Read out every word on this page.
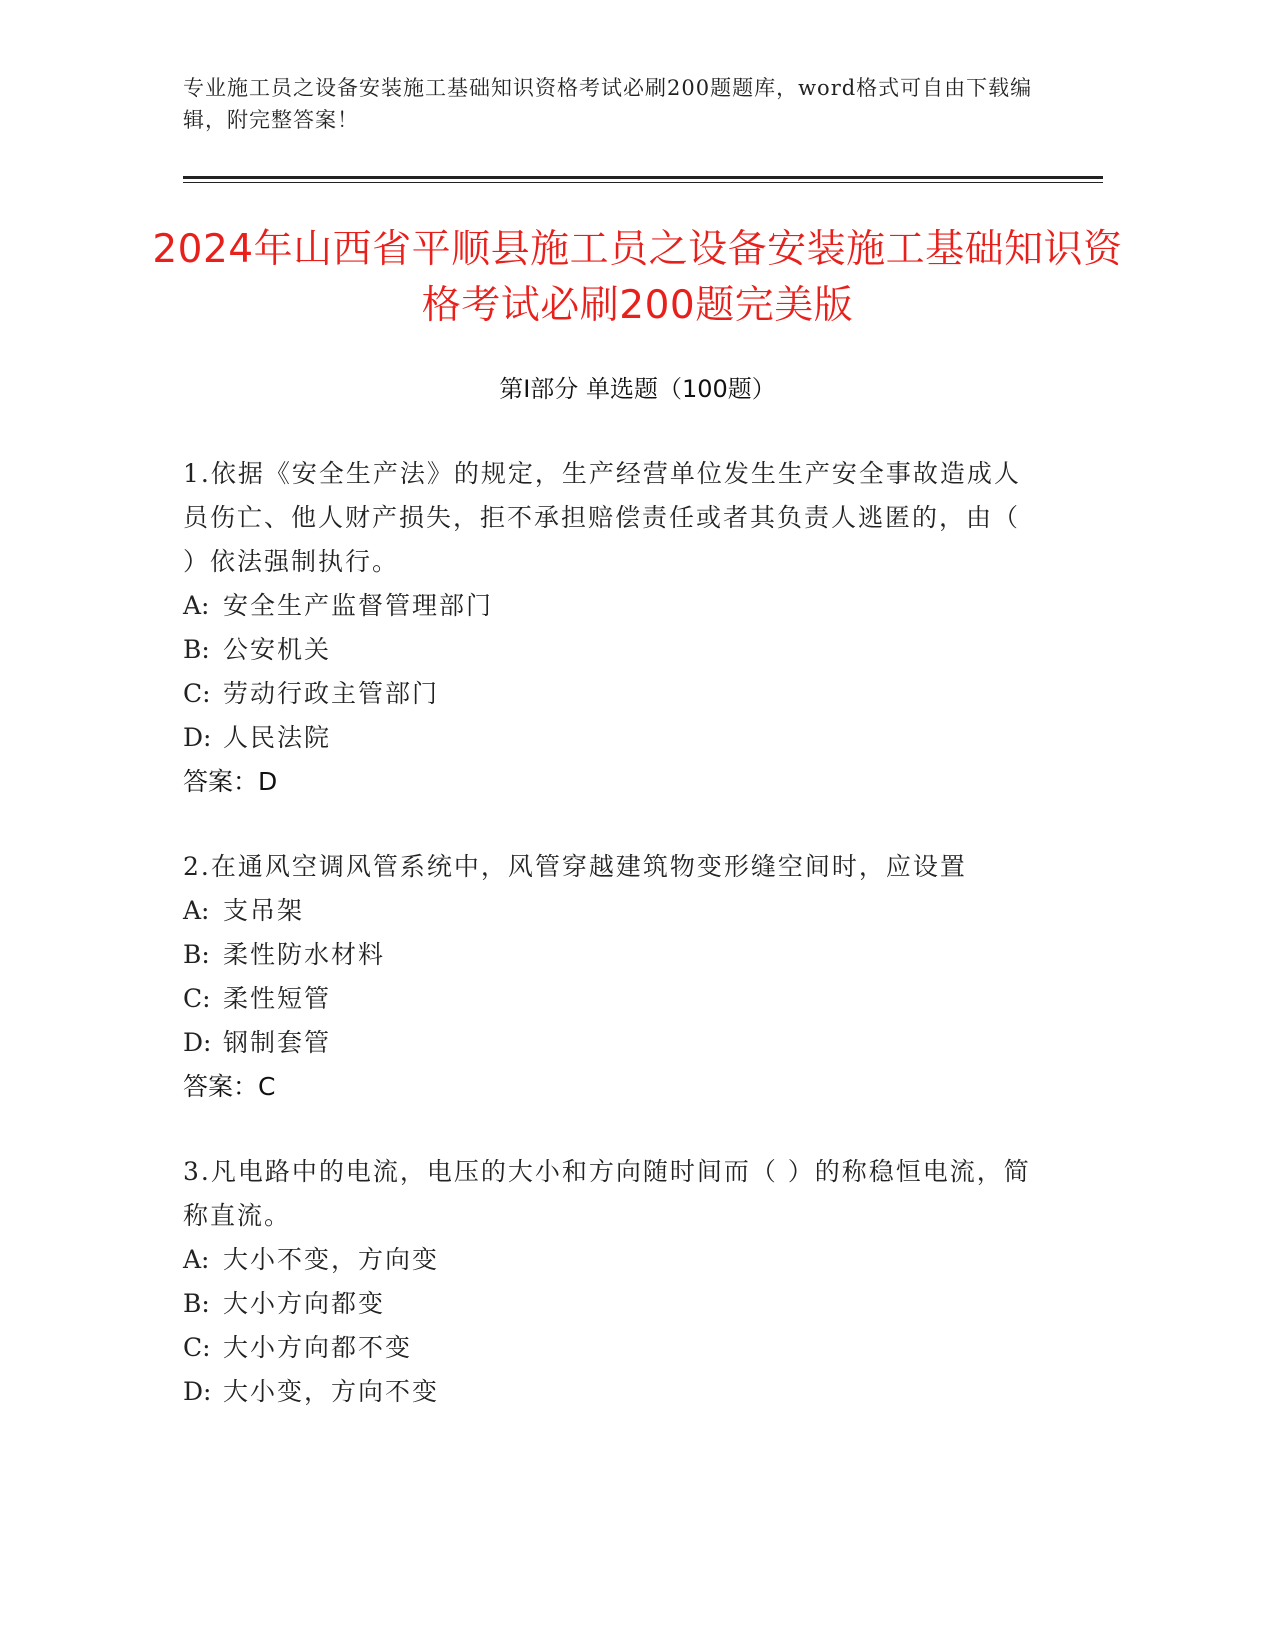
专业施工员之设备安装施工基础知识资格考试必刷200题题库，word格式可自由下载编辑，附完整答案！
2024年山西省平顺县施工员之设备安装施工基础知识资格考试必刷200题完美版
第Ⅰ部分 单选题（100题）
1.依据《安全生产法》的规定，生产经营单位发生生产安全事故造成人员伤亡、他人财产损失，拒不承担赔偿责任或者其负责人逃匿的，由（ ）依法强制执行。
A: 安全生产监督管理部门
B: 公安机关
C: 劳动行政主管部门
D: 人民法院
答案：D
2.在通风空调风管系统中，风管穿越建筑物变形缝空间时，应设置
A: 支吊架
B: 柔性防水材料
C: 柔性短管
D: 钢制套管
答案：C
3.凡电路中的电流，电压的大小和方向随时间而（ ）的称稳恒电流，简称直流。
A: 大小不变，方向变
B: 大小方向都变
C: 大小方向都不变
D: 大小变，方向不变
